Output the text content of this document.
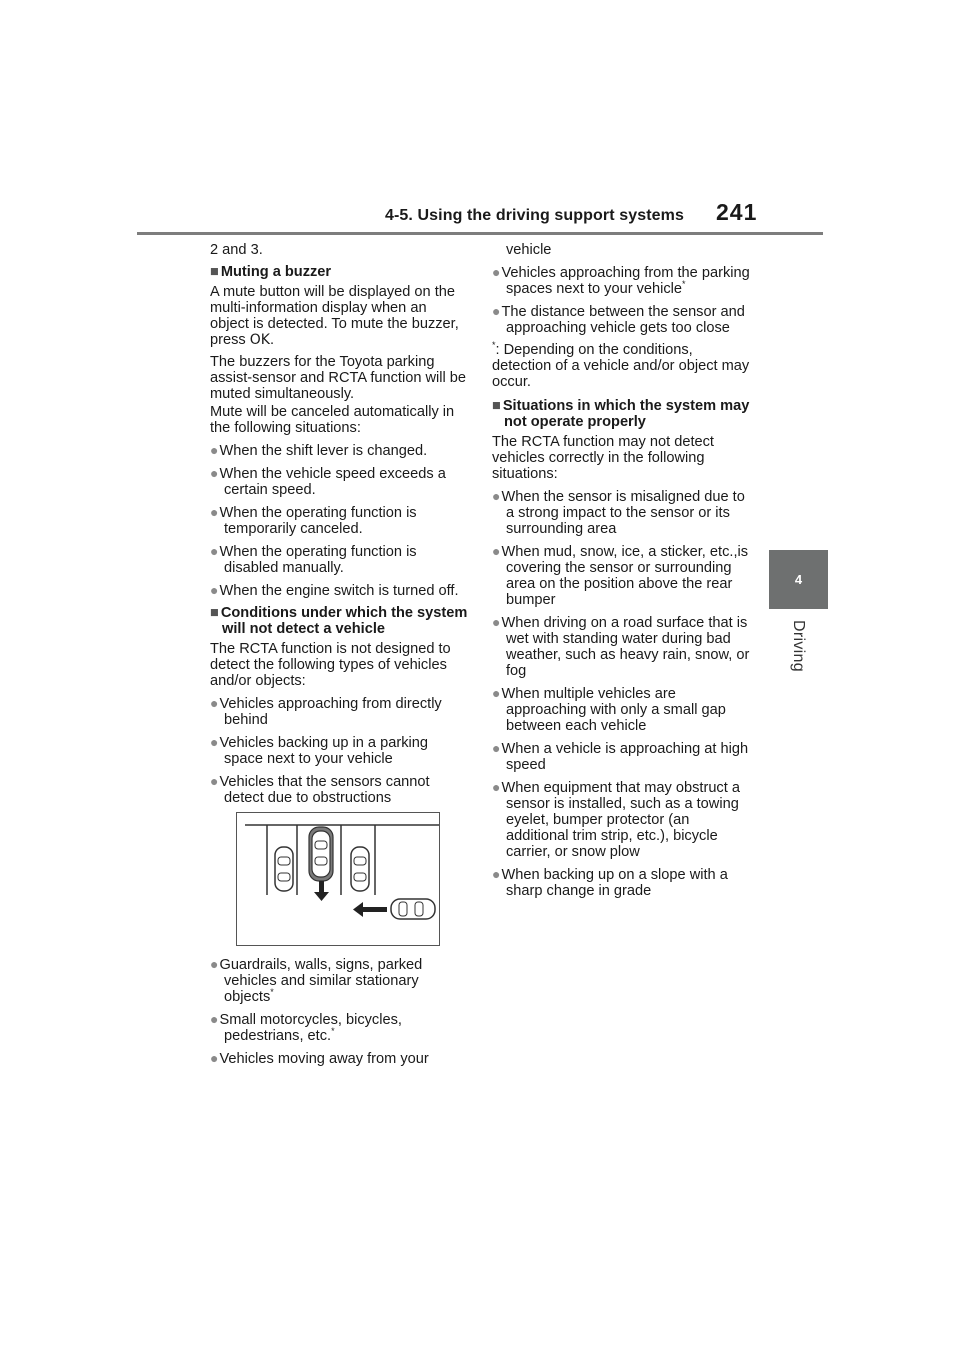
4-5. Using the driving support systems 241
4
Driving

2 and 3.

■ Muting a buzzer

A mute button will be displayed on the multi-information display when an object is detected. To mute the buzzer, press OK.

The buzzers for the Toyota parking assist-sensor and RCTA function will be muted simultaneously.

Mute will be canceled automatically in the following situations:

●When the shift lever is changed.

●When the vehicle speed exceeds a certain speed.

●When the operating function is temporarily canceled.

●When the operating function is disabled manually.

●When the engine switch is turned off.

■ Conditions under which the system will not detect a vehicle

The RCTA function is not designed to detect the following types of vehicles and/or objects:

●Vehicles approaching from directly behind

●Vehicles backing up in a parking space next to your vehicle

●Vehicles that the sensors cannot detect due to obstructions

●Guardrails, walls, signs, parked vehicles and similar stationary objects*

●Small motorcycles, bicycles, pedestrians, etc.*

●Vehicles moving away from your

vehicle

●Vehicles approaching from the parking spaces next to your vehicle*

●The distance between the sensor and approaching vehicle gets too close

*: Depending on the conditions, detection of a vehicle and/or object may occur.

■ Situations in which the system may not operate properly

The RCTA function may not detect vehicles correctly in the following situations:

●When the sensor is misaligned due to a strong impact to the sensor or its surrounding area

●When mud, snow, ice, a sticker, etc.,is covering the sensor or surrounding area on the position above the rear bumper

●When driving on a road surface that is wet with standing water during bad weather, such as heavy rain, snow, or fog

●When multiple vehicles are approaching with only a small gap between each vehicle

●When a vehicle is approaching at high speed

●When equipment that may obstruct a sensor is installed, such as a towing eyelet, bumper protector (an additional trim strip, etc.), bicycle carrier, or snow plow

●When backing up on a slope with a sharp change in grade
